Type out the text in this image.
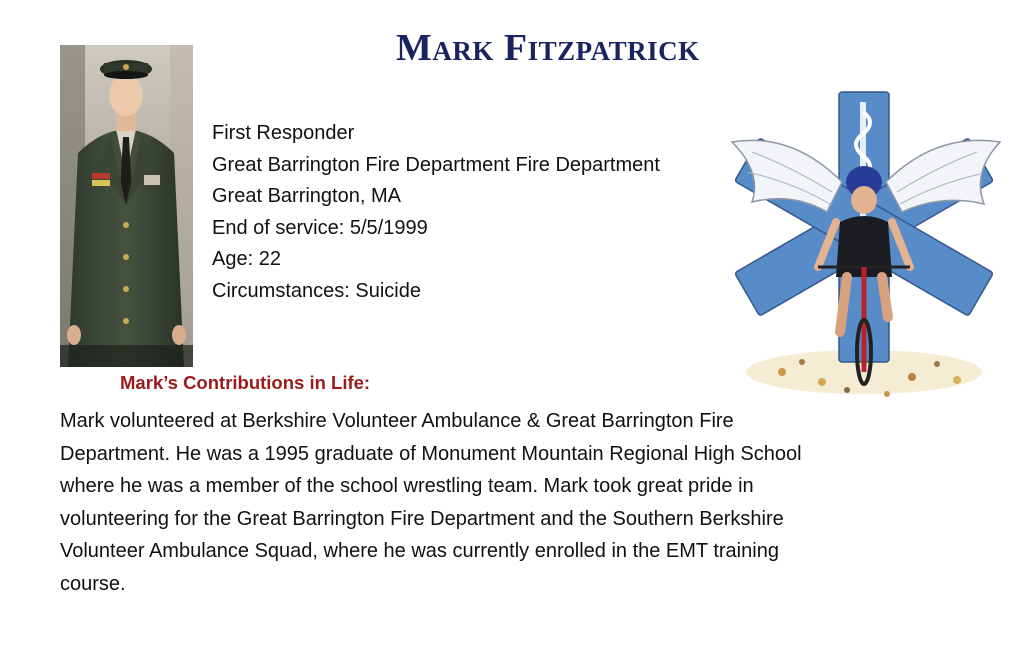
Mark Fitzpatrick
First Responder
Great Barrington Fire Department Fire Department
Great Barrington, MA
End of service: 5/5/1999
Age: 22
Circumstances: Suicide
Mark’s Contributions in Life:

Mark volunteered at Berkshire Volunteer Ambulance & Great Barrington Fire
Department. He was a 1995 graduate of Monument Mountain Regional High School
where he was a member of the school wrestling team. Mark took great pride in
volunteering for the Great Barrington Fire Department and the Southern Berkshire
Volunteer Ambulance Squad, where he was currently enrolled in the EMT training
course.
